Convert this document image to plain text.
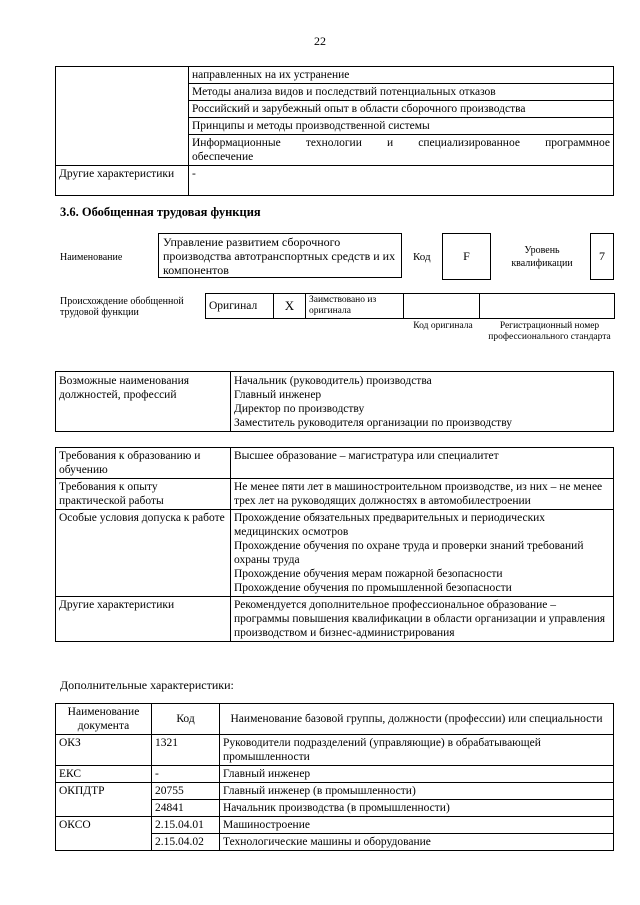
22
	направленных на их устранение
	Методы анализа видов и последствий потенциальных отказов
	Российский и зарубежный опыт в области сборочного производства
	Принципы и методы производственной системы

	Информационные технологии и специализированное программное
обеспечение

Другие характеристики	-
3.6. Обобщенная трудовая функция
Наименование
Управление развитием сборочного производства автотранспортных средств и их компонентов
Код	F	Уровень квалификации
7
Происхождение обобщенной трудовой функции
Оригинал	X	Заимствовано из оригинала		
Код оригинала	Регистрационный номер профессионального стандарта
Возможные наименования должностей, профессий	
Начальник (руководитель) производства
Главный инженер
Директор по производству
Заместитель руководителя организации по производству
Требования к образованию и обучению	Высшее образование – магистратура или специалитет

Требования к опыту практической работы	Не менее пяти лет в машиностроительном производстве, из них – не менее трех лет на руководящих должностях в автомобилестроении

Особые условия допуска к работе	Прохождение обязательных предварительных и периодических медицинских осмотров
Прохождение обучения по охране труда и проверки знаний требований охраны труда
Прохождение обучения мерам пожарной безопасности
Прохождение обучения по промышленной безопасности

Другие характеристики	Рекомендуется дополнительное профессиональное образование – программы повышения квалификации в области организации и управления производством и бизнес-администрирования
Дополнительные характеристики:
Наименование документа	Код	Наименование базовой группы, должности (профессии) или специальности
ОКЗ	1321	Руководители подразделений (управляющие) в обрабатывающей промышленности
ЕКС	-	Главный инженер
ОКПДТР	20755	Главный инженер (в промышленности)
	24841	Начальник производства (в промышленности)
ОКСО	2.15.04.01	Машиностроение
	2.15.04.02	Технологические машины и оборудование
